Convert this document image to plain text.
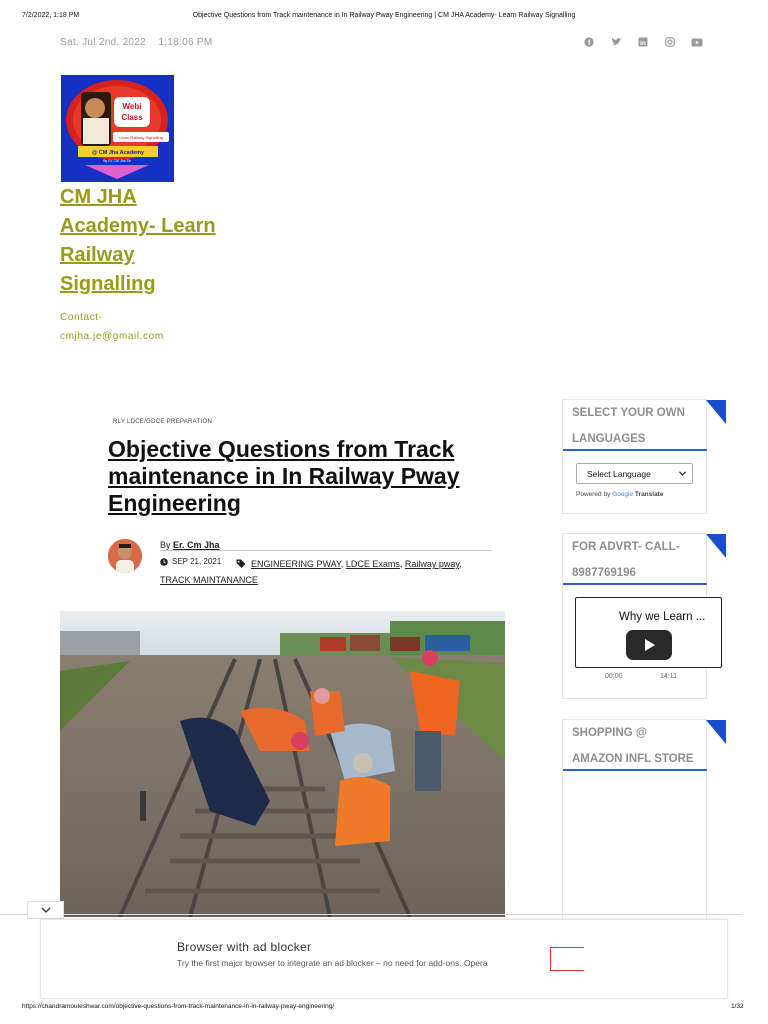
7/2/2022, 1:18 PM	Objective Questions from Track maintenance in In Railway Pway Engineering | CM JHA Academy- Learn Railway Signalling
Sat. Jul 2nd, 2022 1:18:06 PM	f	in
Webi
Class
Learn Railway Signalling
@ CM Jha Academy
By Er. CM Jha Sir
CM JHA Academy- Learn Railway Signalling
Contact-
cmjha.je@gmail.com
RLY LDCE/GDCE PREPARATION
Objective Questions from Track maintenance in In Railway Pway Engineering
By Er. Cm Jha
SEP 21, 2021	ENGINEERING PWAY, LDCE Exams, Railway pway,
TRACK MAINTANANCE
SELECT YOUR OWN LANGUAGES
Select Language
Powered by Google Translate
FOR ADVRT- CALL- 8987769196
Why we Learn ...
00:00	14:11
SHOPPING @ AMAZON INFL STORE
Browser with ad blocker
Try the first major browser to integrate an ad blocker – no need for add-ons. Opera
https://chandramouleshwar.com/objective-questions-from-track-maintenance-in-in-railway-pway-engineering/	1/32
